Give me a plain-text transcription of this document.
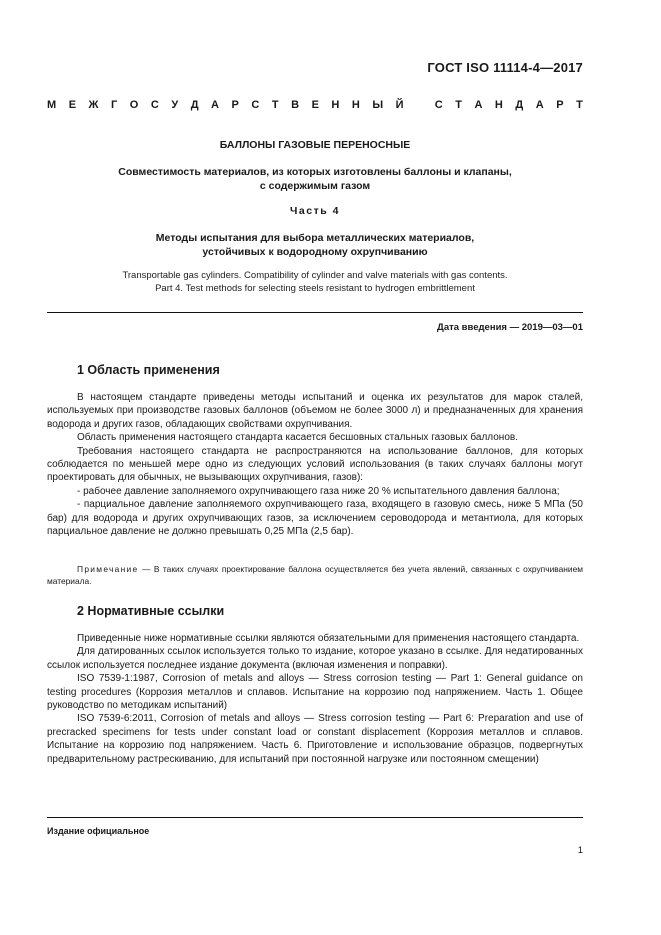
ГОСТ ISO 11114-4—2017
М Е Ж Г О С У Д А Р С Т В Е Н Н Ы Й
	С Т А Н Д А Р Т
БАЛЛОНЫ ГАЗОВЫЕ ПЕРЕНОСНЫЕ
Совместимость материалов, из которых изготовлены баллоны и клапаны,
с содержимым газом
Часть 4
Методы испытания для выбора металлических материалов,
устойчивых к водородному охрупчиванию
Transportable gas cylinders. Compatibility of cylinder and valve materials with gas contents.
Part 4. Test methods for selecting steels resistant to hydrogen embrittlement
Дата введения — 2019—03—01
1 Область применения

В настоящем стандарте приведены методы испытаний и оценка их результатов для марок сталей, используемых при производстве газовых баллонов (объемом не более 3000 л) и предназначенных для хранения водорода и других газов, обладающих свойствами охрупчивания.

Область применения настоящего стандарта касается бесшовных стальных газовых баллонов.

Требования настоящего стандарта не распространяются на использование баллонов, для которых соблюдается по меньшей мере одно из следующих условий использования (в таких случаях баллоны могут проектировать для обычных, не вызывающих охрупчивания, газов):

- рабочее давление заполняемого охрупчивающего газа ниже 20 % испытательного давления баллона;

- парциальное давление заполняемого охрупчивающего газа, входящего в газовую смесь, ниже 5 МПа (50 бар) для водорода и других охрупчивающих газов, за исключением сероводорода и метантиола, для которых парциальное давление не должно превышать 0,25 МПа (2,5 бар).

Примечание — В таких случаях проектирование баллона осуществляется без учета явлений, связанных с охрупчиванием материала.
2 Нормативные ссылки

Приведенные ниже нормативные ссылки являются обязательными для применения настоящего стандарта.

Для датированных ссылок используется только то издание, которое указано в ссылке. Для недатированных ссылок используется последнее издание документа (включая изменения и поправки).

ISO 7539-1:1987, Corrosion of metals and alloys — Stress corrosion testing — Part 1: General guidance on testing procedures (Коррозия металлов и сплавов. Испытание на коррозию под напряжением. Часть 1. Общее руководство по методикам испытаний)

ISO 7539-6:2011, Corrosion of metals and alloys — Stress corrosion testing — Part 6: Preparation and use of precracked specimens for tests under constant load or constant displacement (Коррозия металлов и сплавов. Испытание на коррозию под напряжением. Часть 6. Приготовление и использование образцов, подвергнутых предварительному растрескиванию, для испытаний при постоянной нагрузке или постоянном смещении)

Издание официальное
1
